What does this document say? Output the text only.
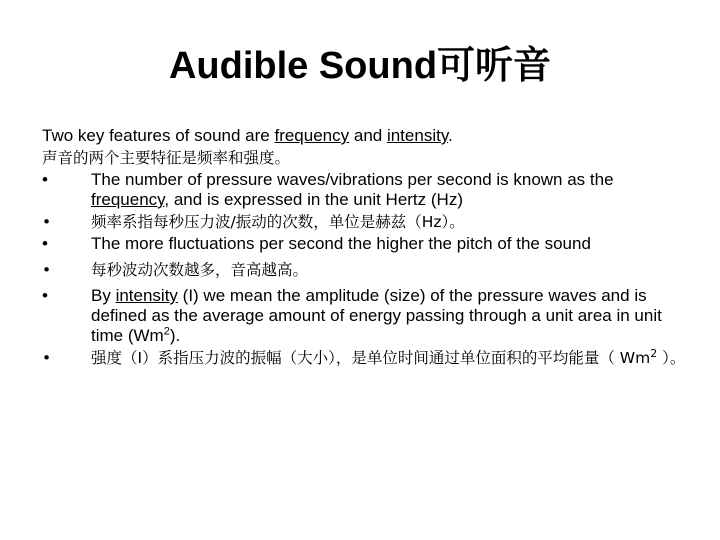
Audible Sound可听音
Two key features of sound are frequency and intensity.
声音的两个主要特征是频率和强度。
•	The number of pressure waves/vibrations per second is known as the frequency, and is expressed in the unit Hertz (Hz)
•	频率系指每秒压力波/振动的次数，单位是赫兹（Hz）。
•	The more fluctuations per second the higher the pitch of the sound
•	每秒波动次数越多，音高越高。
•	By intensity (I) we mean the amplitude (size) of the pressure waves and is defined as the average amount of energy passing through a unit area in unit time (Wm$^2$).
•	强度（I）系指压力波的振幅（大小），是单位时间通过单位面积的平均能量（ Wm$^2$ ）。
